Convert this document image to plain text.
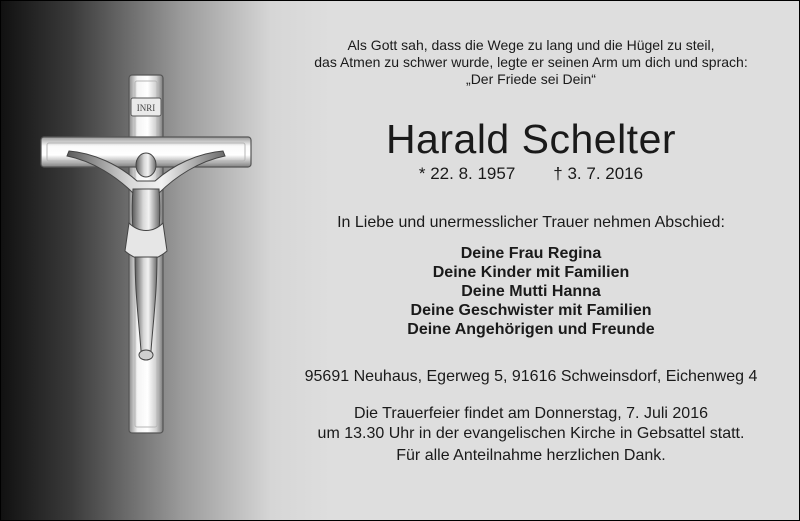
INRI
Als Gott sah, dass die Wege zu lang und die Hügel zu steil,
das Atmen zu schwer wurde, legte er seinen Arm um dich und sprach:
„Der Friede sei Dein“
Harald Schelter
* 22. 8. 1957 † 3. 7. 2016
In Liebe und unermesslicher Trauer nehmen Abschied:
Deine Frau Regina
Deine Kinder mit Familien
Deine Mutti Hanna
Deine Geschwister mit Familien
Deine Angehörigen und Freunde
95691 Neuhaus, Egerweg 5, 91616 Schweinsdorf, Eichenweg 4
Die Trauerfeier findet am Donnerstag, 7. Juli 2016
um 13.30 Uhr in der evangelischen Kirche in Gebsattel statt.
Für alle Anteilnahme herzlichen Dank.
